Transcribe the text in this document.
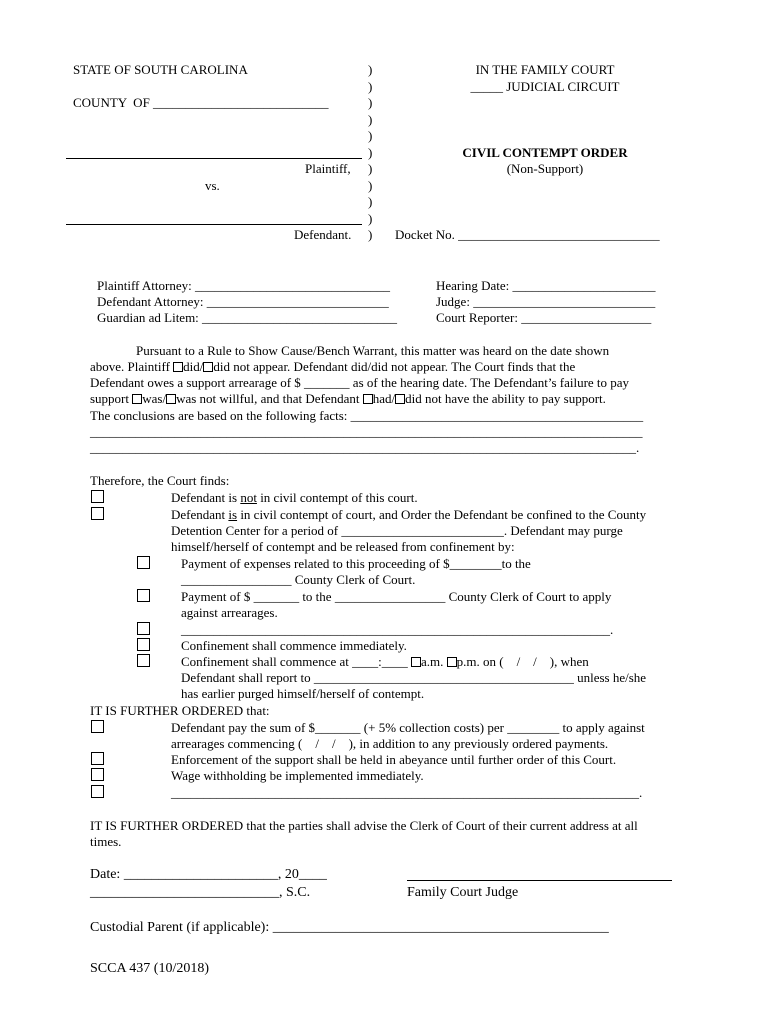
STATE OF SOUTH CAROLINA
COUNTY  OF ___________________________
)
)
)
)
)
)
)
)
)
)
)
IN THE FAMILY COURT
_____ JUDICIAL CIRCUIT
CIVIL CONTEMPT ORDER
(Non-Support)
Plaintiff,
vs.
Defendant.	Docket No. _______________________________
Plaintiff Attorney: ______________________________
Defendant Attorney: ____________________________
Guardian ad Litem: ______________________________
Hearing Date: ______________________
Judge: ____________________________
Court Reporter: ____________________
Pursuant to a Rule to Show Cause/Bench Warrant, this matter was heard on the date shown
above. Plaintiff did/ did not appear. Defendant did/did not appear. The Court finds that the
Defendant owes a support arrearage of $ _______ as of the hearing date. The Defendant’s failure to pay
support was/ was not willful, and that Defendant had/ did not have the ability to pay support.
The conclusions are based on the following facts: _____________________________________________
_____________________________________________________________________________________
____________________________________________________________________________________.
Therefore, the Court finds:
Defendant is not in civil contempt of this court.
Defendant is in civil contempt of court, and Order the Defendant be confined to the County
Detention Center for a period of _________________________. Defendant may purge
himself/herself of contempt and be released from confinement by:
Payment of expenses related to this proceeding of $________to the
_________________ County Clerk of Court.
Payment of $ _______ to the _________________ County Clerk of Court to apply
against arrearages.
__________________________________________________________________.
Confinement shall commence immediately.
Confinement shall commence at ____:____ a.m. p.m. on (    /    /    ), when
Defendant shall report to ________________________________________ unless he/she
has earlier purged himself/herself of contempt.
IT IS FURTHER ORDERED that:
Defendant pay the sum of $_______ (+ 5% collection costs) per ________ to apply against
arrearages commencing (    /    /    ), in addition to any previously ordered payments.
Enforcement of the support shall be held in abeyance until further order of this Court.
Wage withholding be implemented immediately.
________________________________________________________________________.
IT IS FURTHER ORDERED that the parties shall advise the Clerk of Court of their current address at all
times.
Date: ______________________, 20____
___________________________, S.C.	Family Court Judge
Custodial Parent (if applicable): ________________________________________________
SCCA 437 (10/2018)
